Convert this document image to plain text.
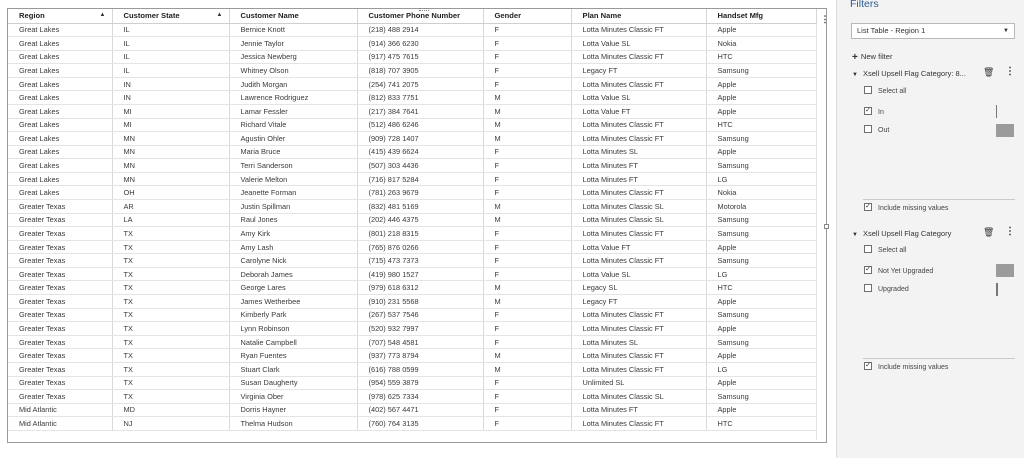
Region ▲	Customer State ▲	Customer Name	Customer Phone Number	Gender	Plan Name	Handset Mfg
Great Lakes	IL	Bernice Knott	(218) 488 2914	F	Lotta Minutes Classic FT	Apple
Great Lakes	IL	Jennie Taylor	(914) 366 6230	F	Lotta Value SL	Nokia
Great Lakes	IL	Jessica Newberg	(917) 475 7615	F	Lotta Minutes Classic FT	HTC
Great Lakes	IL	Whitney Olson	(818) 707 3905	F	Legacy FT	Samsung
Great Lakes	IN	Judith Morgan	(254) 741 2075	F	Lotta Minutes Classic FT	Apple
Great Lakes	IN	Lawrence Rodriguez	(812) 833 7751	M	Lotta Value SL	Apple
Great Lakes	MI	Lamar Fessler	(217) 384 7641	M	Lotta Value FT	Apple
Great Lakes	MI	Richard Vitale	(512) 486 6246	M	Lotta Minutes Classic FT	HTC
Great Lakes	MN	Agustin Ohler	(909) 728 1407	M	Lotta Minutes Classic FT	Samsung
Great Lakes	MN	Maria Bruce	(415) 439 6624	F	Lotta Minutes SL	Apple
Great Lakes	MN	Terri Sanderson	(507) 303 4436	F	Lotta Minutes FT	Samsung
Great Lakes	MN	Valerie Melton	(716) 817 5284	F	Lotta Minutes FT	LG
Great Lakes	OH	Jeanette Forman	(781) 263 9679	F	Lotta Minutes Classic FT	Nokia
Greater Texas	AR	Justin Spillman	(832) 481 5169	M	Lotta Minutes Classic SL	Motorola
Greater Texas	LA	Raul Jones	(202) 446 4375	M	Lotta Minutes Classic SL	Samsung
Greater Texas	TX	Amy Kirk	(801) 218 8315	F	Lotta Minutes Classic FT	Samsung
Greater Texas	TX	Amy Lash	(765) 876 0266	F	Lotta Value FT	Apple
Greater Texas	TX	Carolyne Nick	(715) 473 7373	F	Lotta Minutes Classic FT	Samsung
Greater Texas	TX	Deborah James	(419) 980 1527	F	Lotta Value SL	LG
Greater Texas	TX	George Lares	(979) 618 6312	M	Legacy SL	HTC
Greater Texas	TX	James Wetherbee	(910) 231 5568	M	Legacy FT	Apple
Greater Texas	TX	Kimberly Park	(267) 537 7546	F	Lotta Minutes Classic FT	Samsung
Greater Texas	TX	Lynn Robinson	(520) 932 7997	F	Lotta Minutes Classic FT	Apple
Greater Texas	TX	Natalie Campbell	(707) 548 4581	F	Lotta Minutes SL	Samsung
Greater Texas	TX	Ryan Fuentes	(937) 773 8794	M	Lotta Minutes Classic FT	Apple
Greater Texas	TX	Stuart Clark	(616) 788 0599	M	Lotta Minutes Classic FT	LG
Greater Texas	TX	Susan Daugherty	(954) 559 3879	F	Unlimited SL	Apple
Greater Texas	TX	Virginia Ober	(978) 625 7334	F	Lotta Minutes Classic SL	Samsung
Mid Atlantic	MD	Dorris Hayner	(402) 567 4471	F	Lotta Minutes FT	Apple
Mid Atlantic	NJ	Thelma Hudson	(760) 764 3135	F	Lotta Minutes Classic FT	HTC
⋮
Filters
List Table - Region 1	▼
+ New filter
▼ Xsell Upsell Flag Category: 8... 🗑 ⋮
Select all
✓ In
Out
✓ Include missing values
▼ Xsell Upsell Flag Category	🗑 ⋮
Select all
✓ Not Yet Upgraded
Upgraded
✓ Include missing values
